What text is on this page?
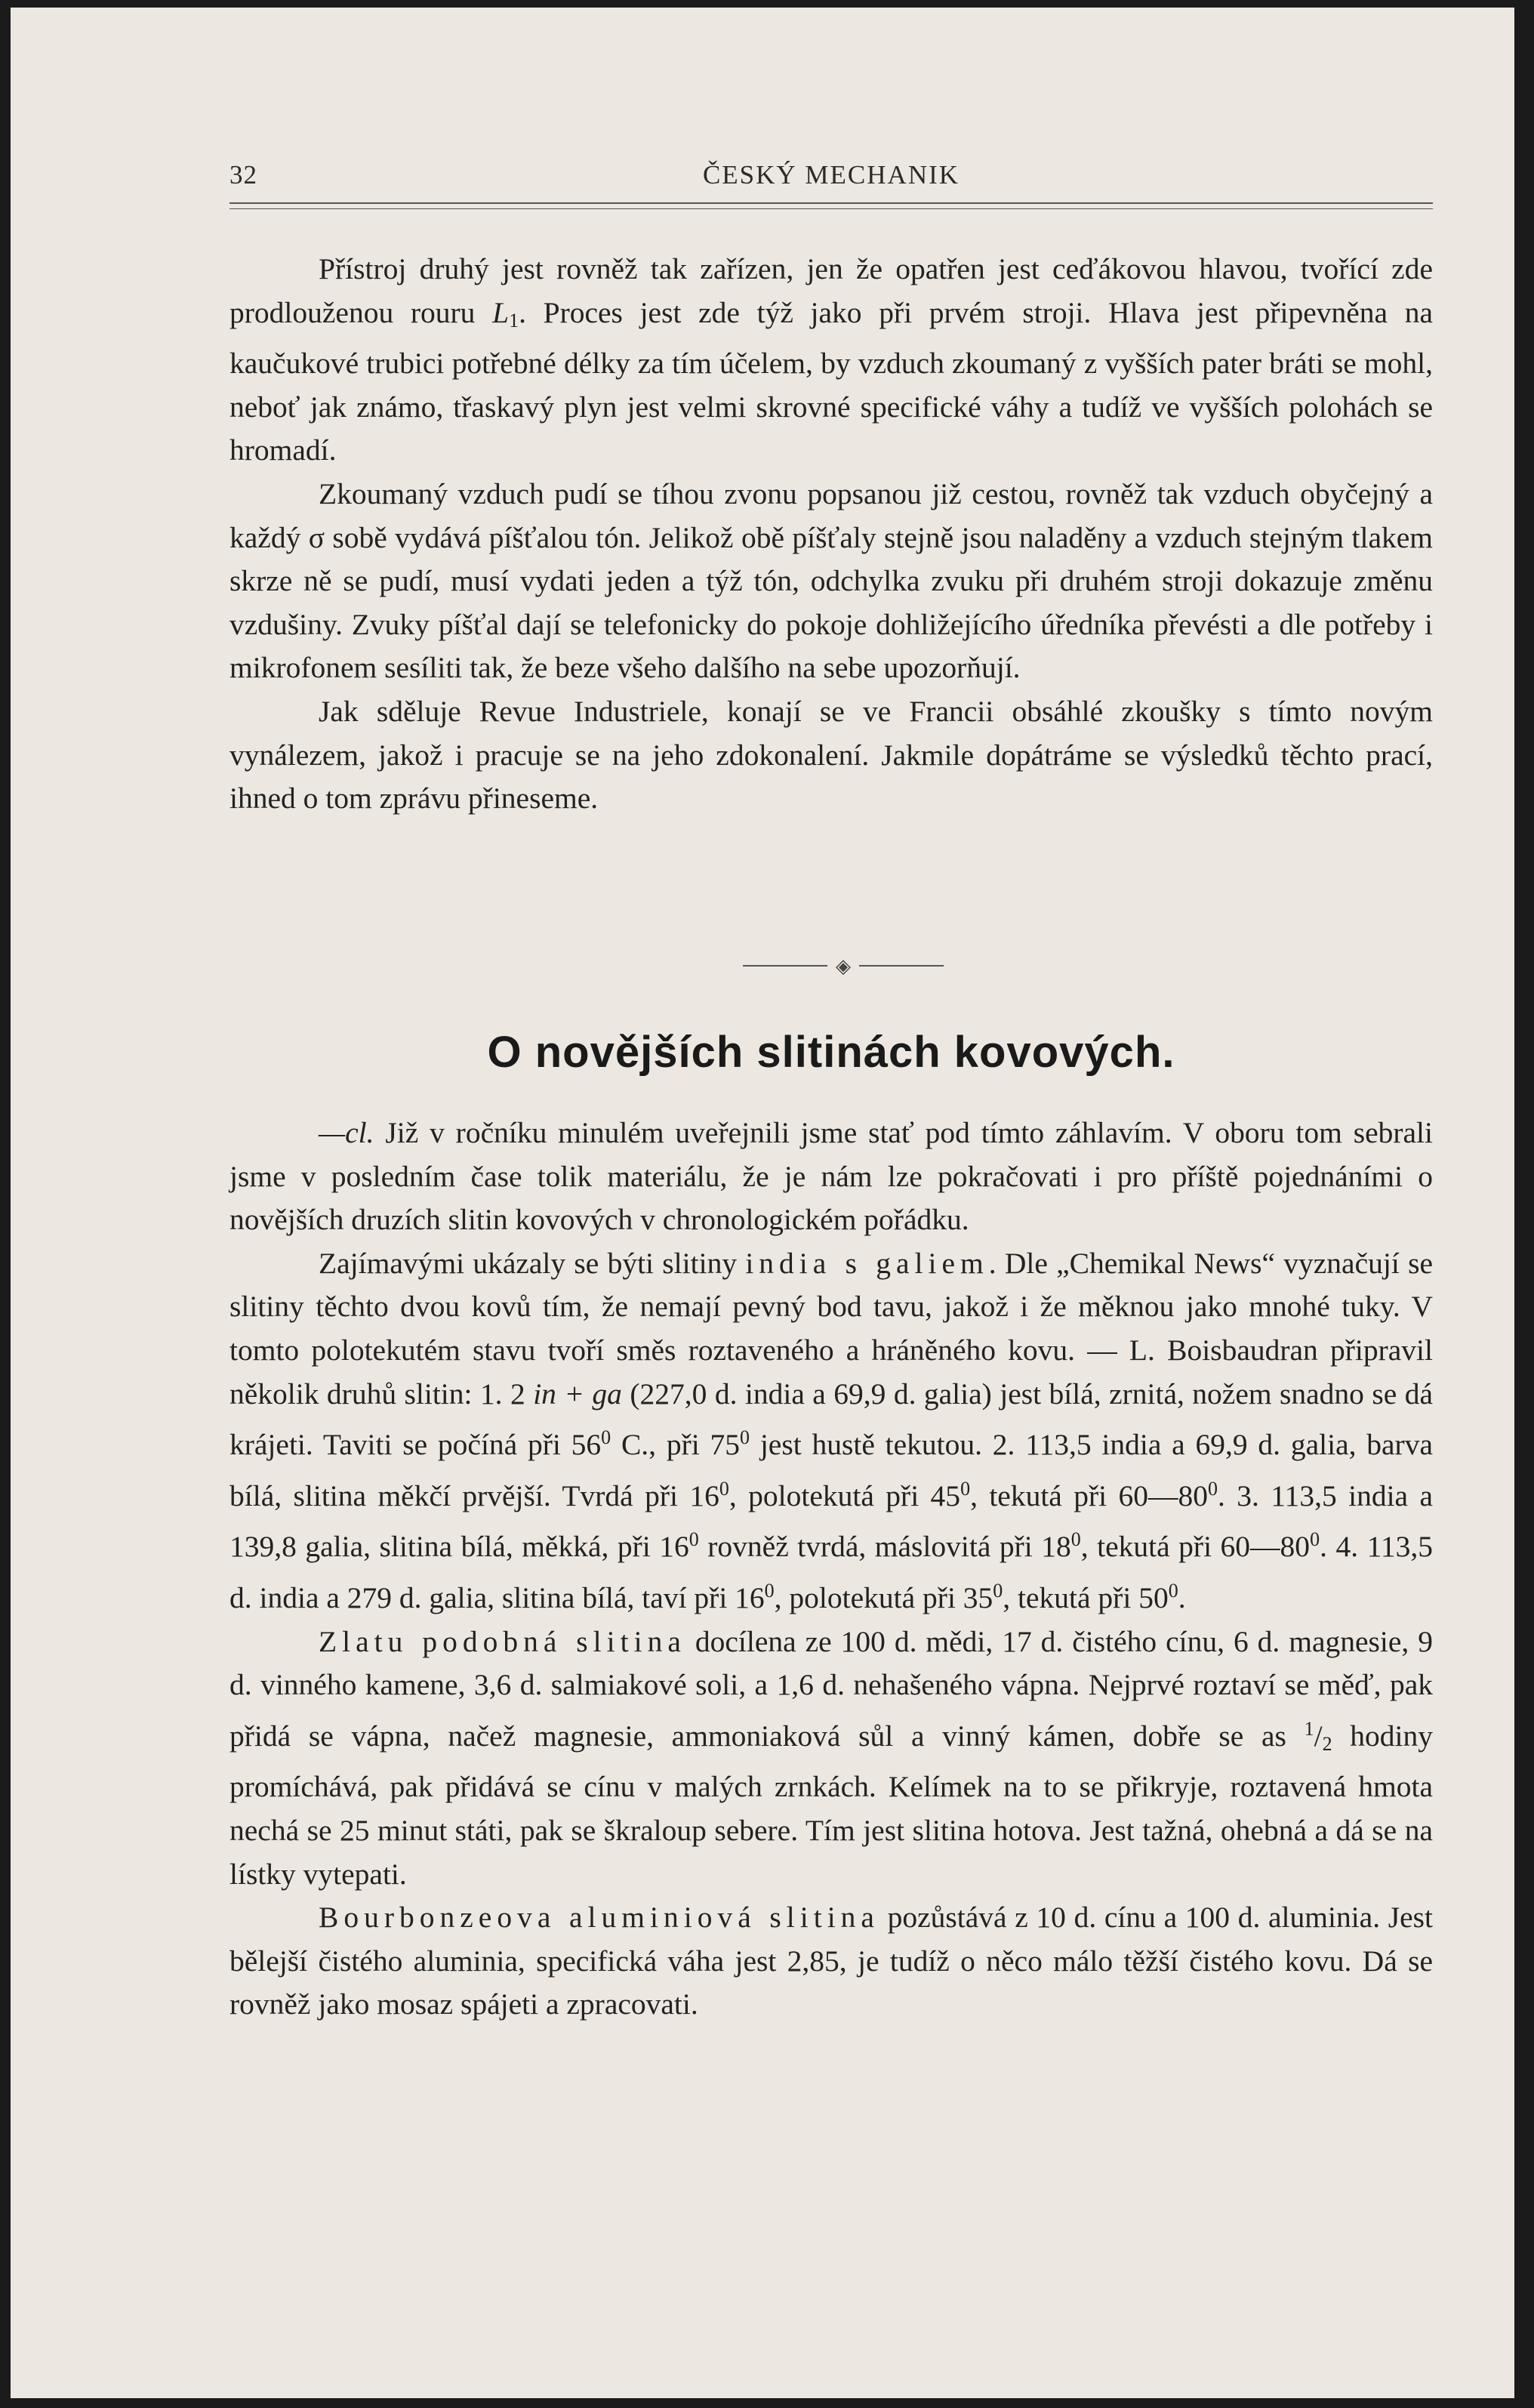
32	ČESKÝ MECHANIK

Přístroj druhý jest rovněž tak zařízen, jen že opatřen jest ceďákovou hlavou, tvořící zde prodlouženou rouru $L_1$. Proces jest zde týž jako při prvém stroji. Hlava jest připevněna na kaučukové trubici potřebné délky za tím účelem, by vzduch zkoumaný z vyšších pater bráti se mohl, neboť jak známo, třaskavý plyn jest velmi skrovné specifické váhy a tudíž ve vyšších polohách se hromadí.

Zkoumaný vzduch pudí se tíhou zvonu popsanou již cestou, rovněž tak vzduch obyčejný a každý σ sobě vydává píšťalou tón. Jelikož obě píšťaly stejně jsou naladěny a vzduch stejným tlakem skrze ně se pudí, musí vydati jeden a týž tón, odchylka zvuku při druhém stroji dokazuje změnu vzdušiny. Zvuky píšťal dají se telefonicky do pokoje dohližejícího úředníka převésti a dle potřeby i mikrofonem sesíliti tak, že beze všeho dalšího na sebe upozorňují.

Jak sděluje Revue Industriele, konají se ve Francii obsáhlé zkoušky s tímto novým vynálezem, jakož i pracuje se na jeho zdokonalení. Jakmile dopátráme se výsledků těchto prací, ihned o tom zprávu přineseme.

◈
O novějších slitinách kovových.

—cl. Již v ročníku minulém uveřejnili jsme stať pod tímto záhlavím. V oboru tom sebrali jsme v posledním čase tolik materiálu, že je nám lze pokračovati i pro příště pojednáními o novějších druzích slitin kovových v chronologickém pořádku.

Zajímavými ukázaly se býti slitiny india s galiem. Dle „Chemikal News“ vyznačují se slitiny těchto dvou kovů tím, že nemají pevný bod tavu, jakož i že měknou jako mnohé tuky. V tomto polotekutém stavu tvoří směs roztaveného a hráněného kovu. — L. Boisbaudran připravil několik druhů slitin: 1. 2 in + ga (227,0 d. india a 69,9 d. galia) jest bílá, zrnitá, nožem snadno se dá krájeti. Taviti se počíná při $56^0$ C., při $75^0$ jest hustě tekutou. 2. 113,5 india a 69,9 d. galia, barva bílá, slitina měkčí prvější. Tvrdá při $16^0$, polotekutá při $45^0$, tekutá při $60—80^0$. 3. 113,5 india a 139,8 galia, slitina bílá, měkká, při $16^0$ rovněž tvrdá, máslovitá při $18^0$, tekutá při $60—80^0$. 4. 113,5 d. india a 279 d. galia, slitina bílá, taví při $16^0$, polotekutá při $35^0$, tekutá při $50^0$.

Zlatu podobná slitina docílena ze 100 d. mědi, 17 d. čistého cínu, 6 d. magnesie, 9 d. vinného kamene, 3,6 d. salmiakové soli, a 1,6 d. nehašeného vápna. Nejprvé roztaví se měď, pak přidá se vápna, načež magnesie, ammoniaková sůl a vinný kámen, dobře se as $^1/_2$ hodiny promíchává, pak přidává se cínu v malých zrnkách. Kelímek na to se přikryje, roztavená hmota nechá se 25 minut státi, pak se škraloup sebere. Tím jest slitina hotova. Jest tažná, ohebná a dá se na lístky vytepati.

Bourbonzeova aluminiová slitina pozůstává z 10 d. cínu a 100 d. aluminia. Jest bělejší čistého aluminia, specifická váha jest 2,85, je tudíž o něco málo těžší čistého kovu. Dá se rovněž jako mosaz spájeti a zpracovati.
